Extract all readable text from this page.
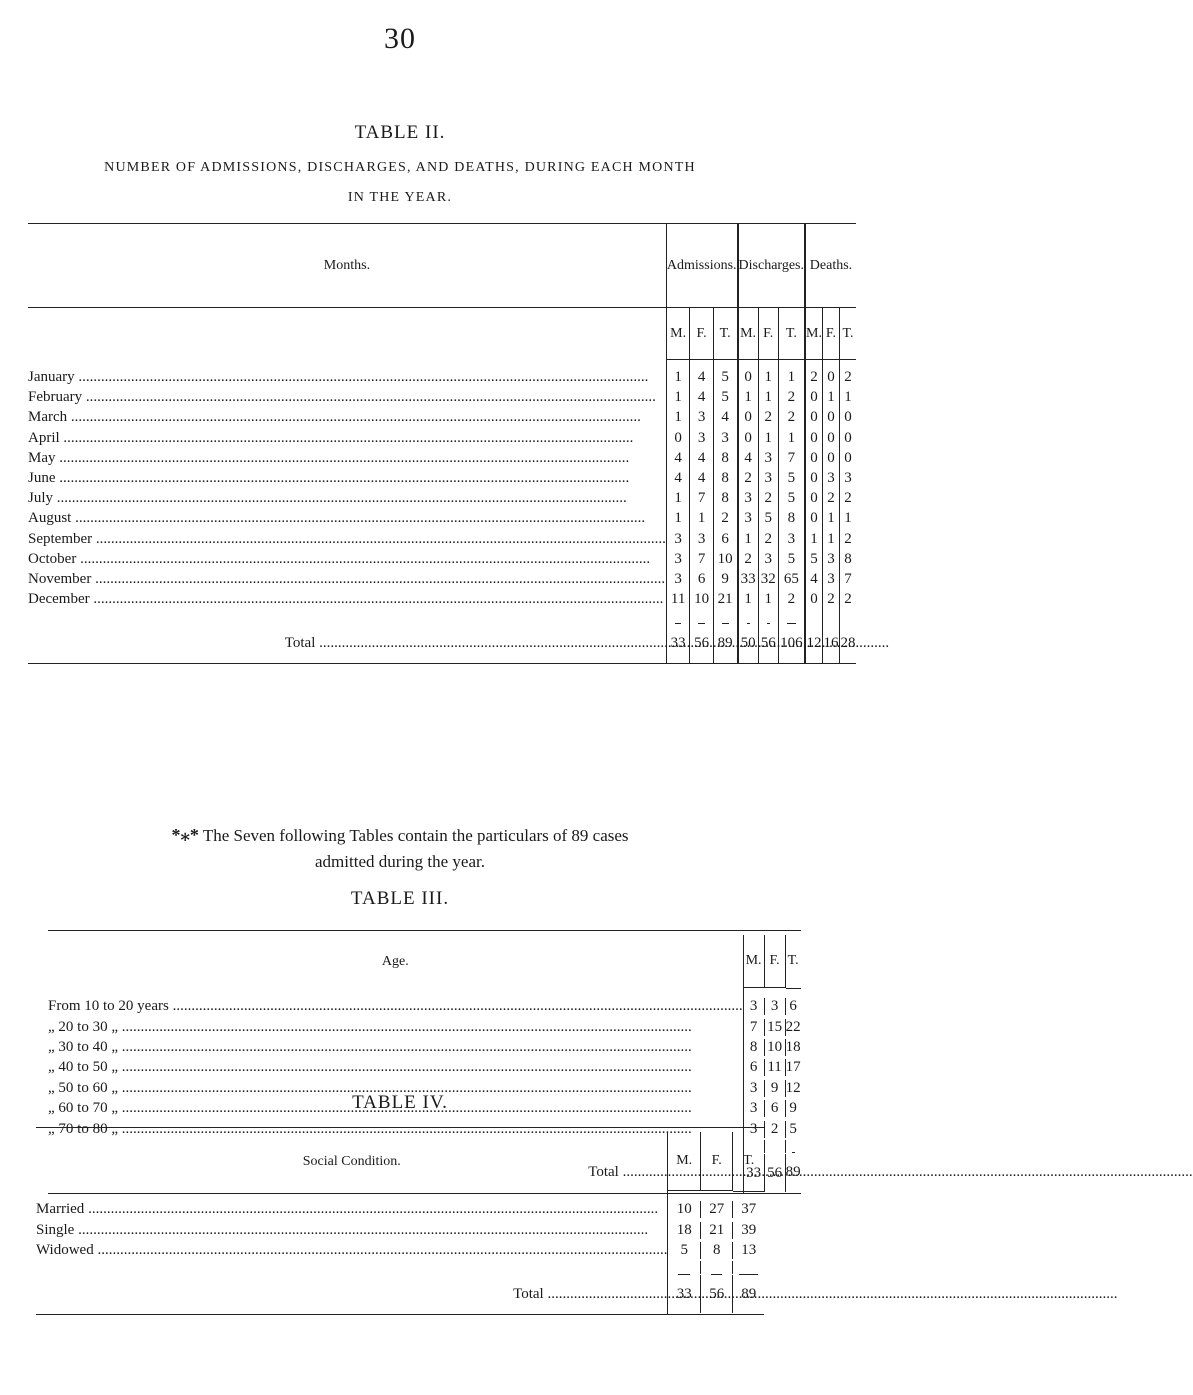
30
TABLE II.
NUMBER OF ADMISSIONS, DISCHARGES, AND DEATHS, DURING EACH MONTH
IN THE YEAR.
Months.	Admissions.			Discharges.			Deaths.		
	M.	F.	T.	M.	F.	T.	M.	F.	T.

January .....	1	4	5	0	1	1	2	0	2
February .....	1	4	5	1	1	2	0	1	1
March .....	1	3	4	0	2	2	0	0	0
April .....	0	3	3	0	1	1	0	0	0
May .....	4	4	8	4	3	7	0	0	0
June .....	4	4	8	2	3	5	0	3	3
July .....	1	7	8	3	2	5	0	2	2
August .....	1	1	2	3	5	8	0	1	1
September .....	3	3	6	1	2	3	1	1	2
October .....	3	7	10	2	3	5	5	3	8
November .....	3	6	9	33	32	65	4	3	7
December .....	11	10	21	1	1	2	0	2	2

Total .....	33	56	89	50	56	106	12	16	28
*⁎* The Seven following Tables contain the particulars of 89 cases
admitted during the year.
TABLE III.

Age.	M. F.	T.

From 10 to 20 years .....	3 3	6
„ 20 to 30 „ .....	7 15	22
„ 30 to 40 „ .....	8 10	18
„ 40 to 50 „ .....	6 11	17
„ 50 to 60 „ .....	3 9	12
„ 60 to 70 „ .....	3 6	9
„ 70 to 80 „ .....	3 2	5

Total .....	33 56	89
TABLE IV.

Social Condition.	M. F.	T.

Married .....	10 27	37
Single .....	18 21	39
Widowed .....	5 8	13

Total .....	33 56	89
